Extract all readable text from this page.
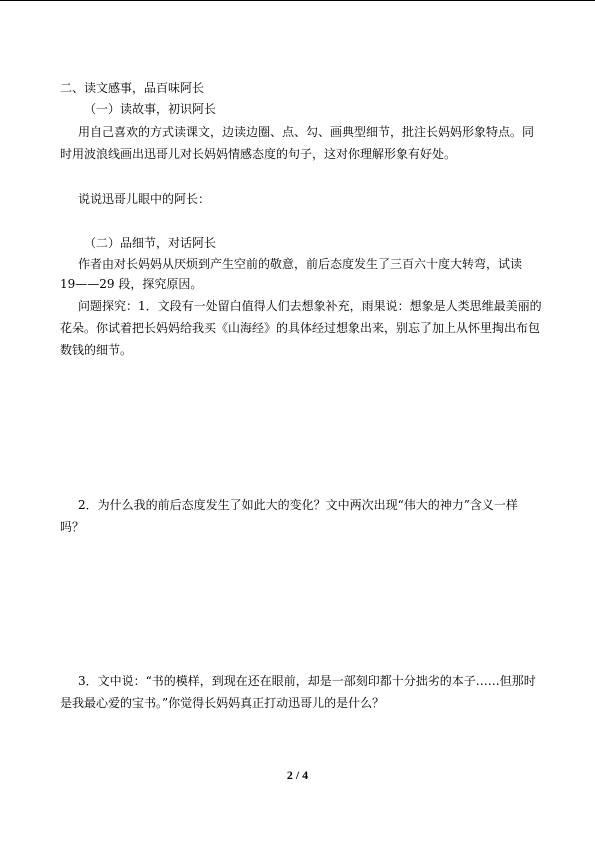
二、读文感事，品百味阿长
（一）读故事，初识阿长
用自己喜欢的方式读课文，边读边圈、点、勾、画典型细节，批注长妈妈形象特点。同
时用波浪线画出迅哥儿对长妈妈情感态度的句子，这对你理解形象有好处。
说说迅哥儿眼中的阿长：
（二）品细节，对话阿长
作者由对长妈妈从厌烦到产生空前的敬意，前后态度发生了三百六十度大转弯，试读
19——29 段，探究原因。
问题探究：1．文段有一处留白值得人们去想象补充，雨果说：想象是人类思维最美丽的
花朵。你试着把长妈妈给我买《山海经》的具体经过想象出来，别忘了加上从怀里掏出布包
数钱的细节。
2．为什么我的前后态度发生了如此大的变化？文中两次出现“伟大的神力”含义一样
吗？
3．文中说：“书的模样，到现在还在眼前，却是一部刻印都十分拙劣的本子……但那时
是我最心爱的宝书。”你觉得长妈妈真正打动迅哥儿的是什么？
2 / 4
